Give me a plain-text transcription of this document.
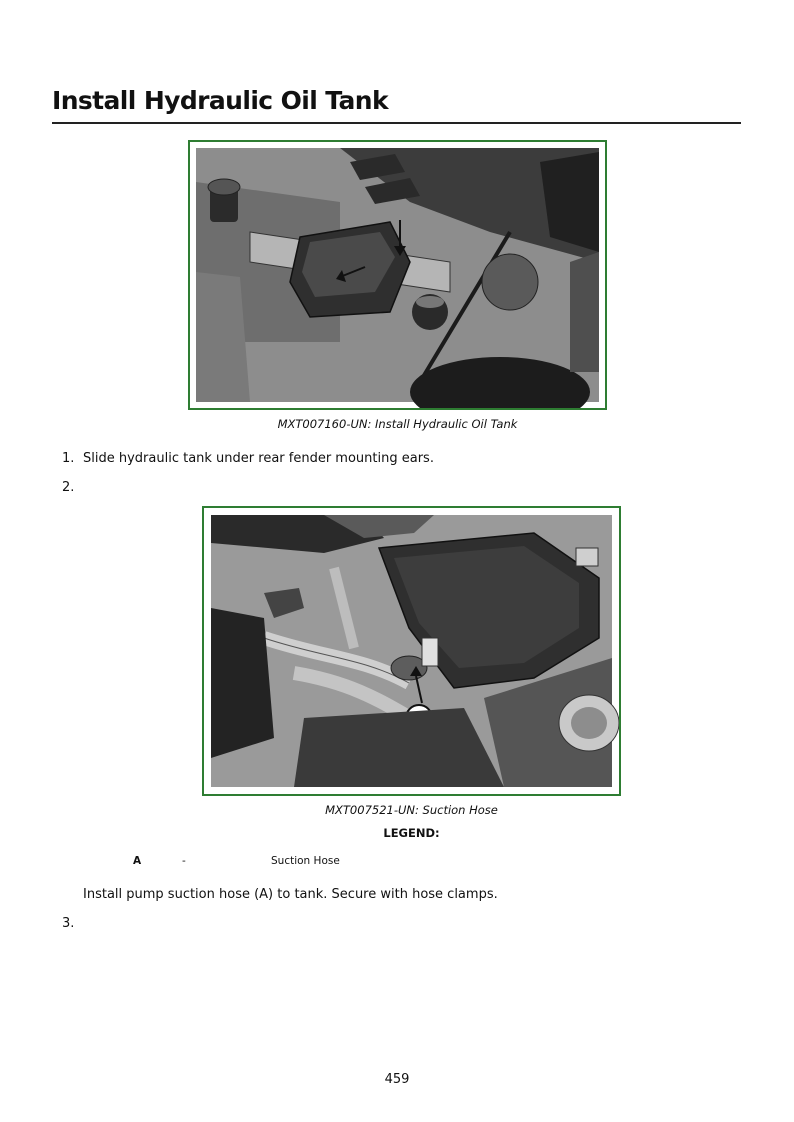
Install Hydraulic Oil Tank
MXT007160-UN: Install Hydraulic Oil Tank
1. Slide hydraulic tank under rear fender mounting ears.
2.
MXT007521-UN: Suction Hose
LEGEND:
A	-	Suction Hose
Install pump suction hose (A) to tank. Secure with hose clamps.
3.
459
